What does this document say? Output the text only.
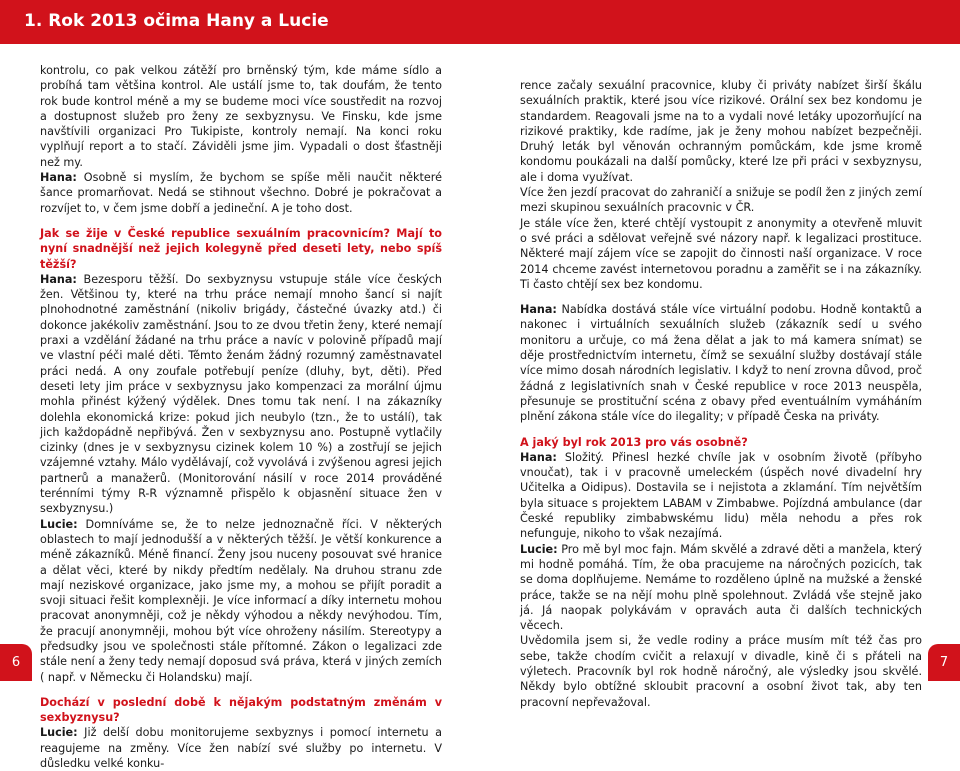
1. Rok 2013 očima Hany a Lucie

kontrolu, co pak velkou zátěží pro brněnský tým, kde máme sídlo a probíhá tam většina kontrol. Ale ustálí jsme to, tak doufám, že tento rok bude kontrol méně a my se budeme moci více soustředit na rozvoj a dostupnost služeb pro ženy ze sexbyznysu. Ve Finsku, kde jsme navštívili organizaci Pro Tukipiste, kontroly nemají. Na konci roku vyplňují report a to stačí. Záviděli jsme jim. Vypadali o dost šťastněji než my.

Hana: Osobně si myslím, že bychom se spíše měli naučit některé šance promarňovat. Nedá se stihnout všechno. Dobré je pokračovat a rozvíjet to, v čem jsme dobří a jedineční. A je toho dost.

Jak se žije v České republice sexuálním pracovnicím? Mají to nyní snadnější než jejich kolegyně před deseti lety, nebo spíš těžší?

Hana: Bezesporu těžší. Do sexbyznysu vstupuje stále více českých žen. Většinou ty, které na trhu práce nemají mnoho šancí si najít plnohodnotné zaměstnání (nikoliv brigády, částečné úvazky atd.) či dokonce jakékoliv zaměstnání. Jsou to ze dvou třetin ženy, které nemají praxi a vzdělání žádané na trhu práce a navíc v polovině případů mají ve vlastní péči malé děti. Těmto ženám žádný rozumný zaměstnavatel práci nedá. A ony zoufale potřebují peníze (dluhy, byt, děti). Před deseti lety jim práce v sexbyznysu jako kompenzaci za morální újmu mohla přinést kýžený výdělek. Dnes tomu tak není. I na zákazníky dolehla ekonomická krize: pokud jich neubylo (tzn., že to ustálí), tak jich každopádně nepřibývá. Žen v sexbyznysu ano. Postupně vytlačily cizinky (dnes je v sexbyznysu cizinek kolem 10 %) a zostřují se jejich vzájemné vztahy. Málo vydělávají, což vyvolává i zvýšenou agresi jejich partnerů a manažerů. (Monitorování násilí v roce 2014 prováděné terénními týmy R-R významně přispělo k objasnění situace žen v sexbyznysu.)

Lucie: Domníváme se, že to nelze jednoznačně říci. V některých oblastech to mají jednodušší a v některých těžší. Je větší konkurence a méně zákazníků. Méně financí. Ženy jsou nuceny posouvat své hranice a dělat věci, které by nikdy předtím nedělaly. Na druhou stranu zde mají neziskové organizace, jako jsme my, a mohou se přijít poradit a svoji situaci řešit komplexněji. Je více informací a díky internetu mohou pracovat anonymněji, což je někdy výhodou a někdy nevýhodou. Tím, že pracují anonymněji, mohou být více ohroženy násilím. Stereotypy a předsudky jsou ve společnosti stále přítomné. Zákon o legalizaci zde stále není a ženy tedy nemají doposud svá práva, která v jiných zemích ( např. v Německu či Holandsku) mají.

Dochází v poslední době k nějakým podstatným změnám v sexbyznysu?

Lucie: Již delší dobu monitorujeme sexbyznys i pomocí internetu a reagujeme na změny. Více žen nabízí své služby po internetu. V důsledku velké konku-

rence začaly sexuální pracovnice, kluby či priváty nabízet širší škálu sexuálních praktik, které jsou více rizikové. Orální sex bez kondomu je standardem. Reagovali jsme na to a vydali nové letáky upozorňující na rizikové praktiky, kde radíme, jak je ženy mohou nabízet bezpečněji. Druhý leták byl věnován ochranným pomůckám, kde jsme kromě kondomu poukázali na další pomůcky, které lze při práci v sexbyznysu, ale i doma využívat.

Více žen jezdí pracovat do zahraničí a snižuje se podíl žen z jiných zemí mezi skupinou sexuálních pracovnic v ČR.

Je stále více žen, které chtějí vystoupit z anonymity a otevřeně mluvit o své práci a sdělovat veřejně své názory např. k legalizaci prostituce. Některé mají zájem více se zapojit do činnosti naší organizace. V roce 2014 chceme zavést internetovou poradnu a zaměřit se i na zákazníky. Ti často chtějí sex bez kondomu.

Hana: Nabídka dostává stále více virtuální podobu. Hodně kontaktů a nakonec i virtuálních sexuálních služeb (zákazník sedí u svého monitoru a určuje, co má žena dělat a jak to má kamera snímat) se děje prostřednictvím internetu, čímž se sexuální služby dostávají stále více mimo dosah národních legislativ. I když to není zrovna důvod, proč žádná z legislativních snah v České republice v roce 2013 neuspěla, přesunuje se prostituční scéna z obavy před eventuálním vymáháním plnění zákona stále více do ilegality; v případě Česka na priváty.

A jaký byl rok 2013 pro vás osobně?

Hana: Složitý. Přinesl hezké chvíle jak v osobním životě (příbyho vnoučat), tak i v pracovně umeleckém (úspěch nové divadelní hry Učitelka a Oidipus). Dostavila se i nejistota a zklamání. Tím největším byla situace s projektem LABAM v Zimbabwe. Pojízdná ambulance (dar České republiky zimbabwskému lidu) měla nehodu a přes rok nefunguje, nikoho to však nezajímá.

Lucie: Pro mě byl moc fajn. Mám skvělé a zdravé děti a manžela, který mi hodně pomáhá. Tím, že oba pracujeme na náročných pozicích, tak se doma doplňujeme. Nemáme to rozděleno úplně na mužské a ženské práce, takže se na nějí mohu plně spolehnout. Zvládá vše stejně jako já. Já naopak polykávám v opravách auta či dalších technických věcech.

Uvědomila jsem si, že vedle rodiny a práce musím mít též čas pro sebe, takže chodím cvičit a relaxují v divadle, kině či s přáteli na výletech. Pracovník byl rok hodně náročný, ale výsledky jsou skvělé. Někdy bylo obtížné skloubit pracovní a osobní život tak, aby ten pracovní nepřevažoval.

6	7
